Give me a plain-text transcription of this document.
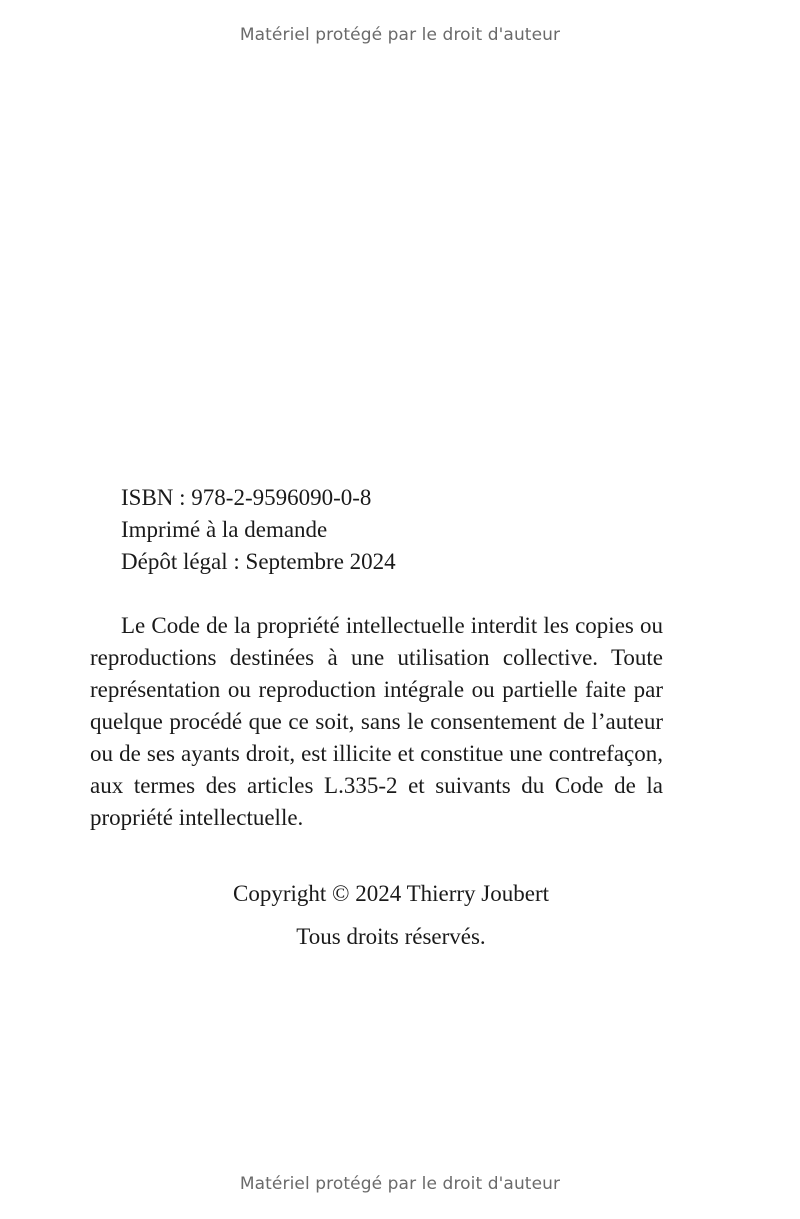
Matériel protégé par le droit d'auteur
ISBN : 978-2-9596090-0-8
Imprimé à la demande
Dépôt légal : Septembre 2024

Le Code de la propriété intellectuelle interdit les copies ou reproductions destinées à une utilisation collective. Toute représentation ou reproduction intégrale ou partielle faite par quelque procédé que ce soit, sans le consentement de l’auteur ou de ses ayants droit, est illicite et constitue une contrefaçon, aux termes des articles L.335-2 et suivants du Code de la propriété intellectuelle.

Copyright © 2024 Thierry Joubert
Tous droits réservés.
Matériel protégé par le droit d'auteur
